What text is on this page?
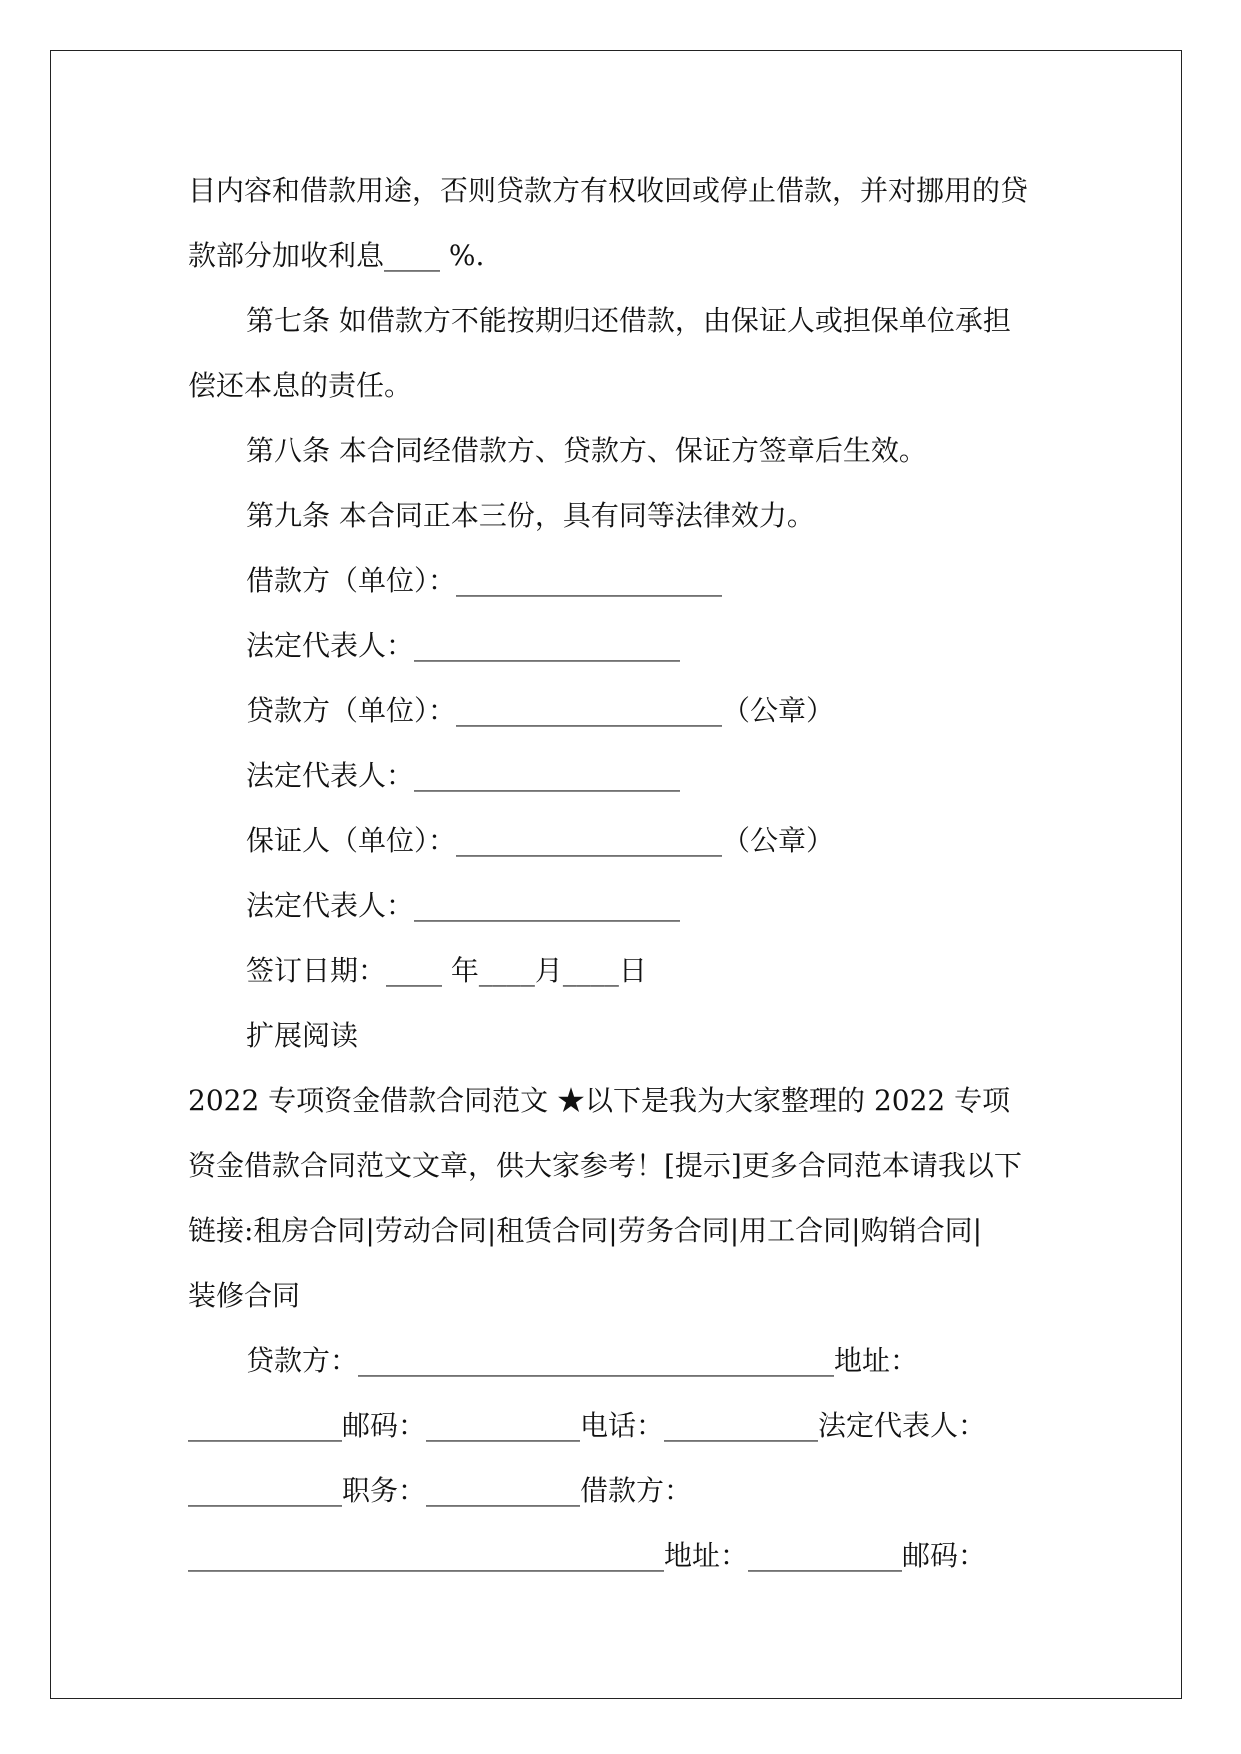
目内容和借款用途，否则贷款方有权收回或停止借款，并对挪用的贷
款部分加收利息____ %.
第七条 如借款方不能按期归还借款，由保证人或担保单位承担
偿还本息的责任。
第八条 本合同经借款方、贷款方、保证方签章后生效。
第九条 本合同正本三份，具有同等法律效力。
借款方（单位）：___________________
法定代表人：___________________
贷款方（单位）：___________________（公章）
法定代表人：___________________
保证人（单位）：___________________（公章）
法定代表人：___________________
签订日期：____ 年____月____日
扩展阅读
2022 专项资金借款合同范文 ★以下是我为大家整理的 2022 专项
资金借款合同范文文章，供大家参考！[提示]更多合同范本请我以下
链接:租房合同|劳动合同|租赁合同|劳务合同|用工合同|购销合同|
装修合同
贷款方：__________________________________地址：
___________邮码：___________电话：___________法定代表人：
___________职务：___________借款方：
__________________________________地址：___________邮码：
